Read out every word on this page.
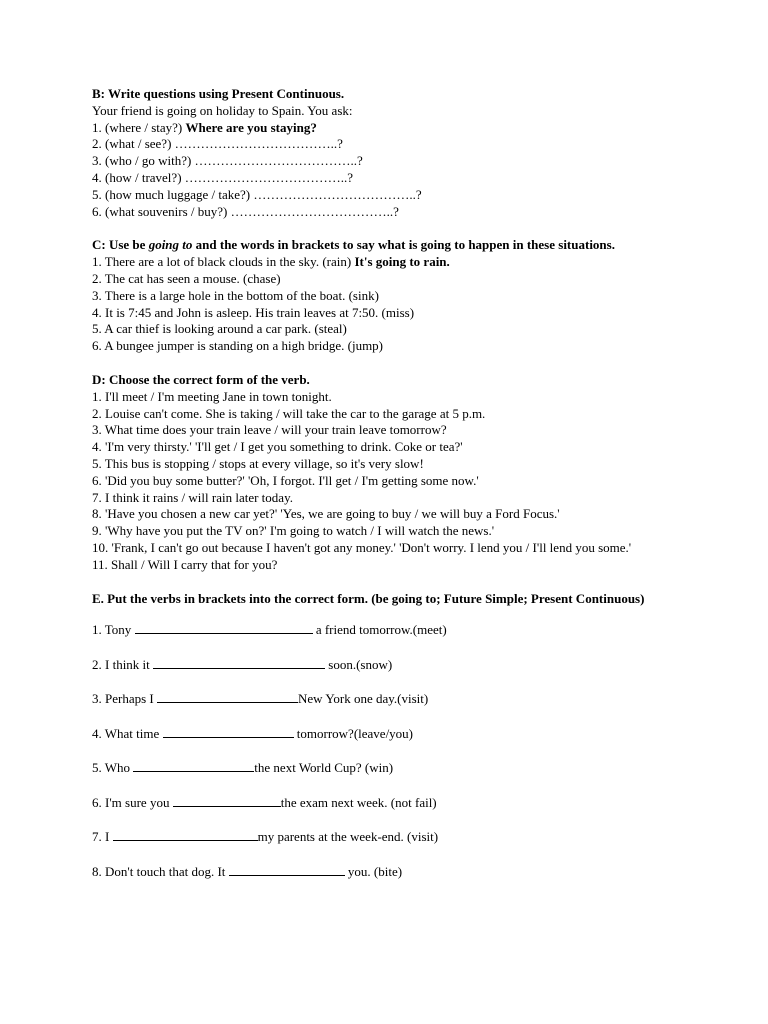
B: Write questions using Present Continuous.
Your friend is going on holiday to Spain. You ask:
1. (where / stay?) Where are you staying?
2. (what / see?) ………………………………..?
3. (who / go with?) ………………………………..?
4. (how / travel?) ………………………………..?
5. (how much luggage / take?) ………………………………..?
6. (what souvenirs / buy?) ………………………………..?
C: Use be going to and the words in brackets to say what is going to happen in these situations.
1. There are a lot of black clouds in the sky. (rain) It's going to rain.
2. The cat has seen a mouse. (chase)
3. There is a large hole in the bottom of the boat. (sink)
4. It is 7:45 and John is asleep. His train leaves at 7:50. (miss)
5. A car thief is looking around a car park. (steal)
6. A bungee jumper is standing on a high bridge. (jump)
D: Choose the correct form of the verb.
1. I'll meet / I'm meeting Jane in town tonight.
2. Louise can't come. She is taking / will take the car to the garage at 5 p.m.
3. What time does your train leave / will your train leave tomorrow?
4. 'I'm very thirsty.' 'I'll get / I get you something to drink. Coke or tea?'
5. This bus is stopping / stops at every village, so it's very slow!
6. 'Did you buy some butter?' 'Oh, I forgot. I'll get / I'm getting some now.'
7. I think it rains / will rain later today.
8. 'Have you chosen a new car yet?' 'Yes, we are going to buy / we will buy a Ford Focus.'
9. 'Why have you put the TV on?' I'm going to watch / I will watch the news.'
10. 'Frank, I can't go out because I haven't got any money.' 'Don't worry. I lend you / I'll lend you some.'
11. Shall / Will I carry that for you?
E. Put the verbs in brackets into the correct form. (be going to; Future Simple; Present Continuous)
1. Tony	a friend tomorrow.(meet)
2. I think it	soon.(snow)
3. Perhaps I	New York one day.(visit)
4. What time	tomorrow?(leave/you)
5. Who	the next World Cup? (win)
6. I'm sure you	the exam next week. (not fail)
7. I	my parents at the week-end. (visit)
8. Don't touch that dog. It	you. (bite)
